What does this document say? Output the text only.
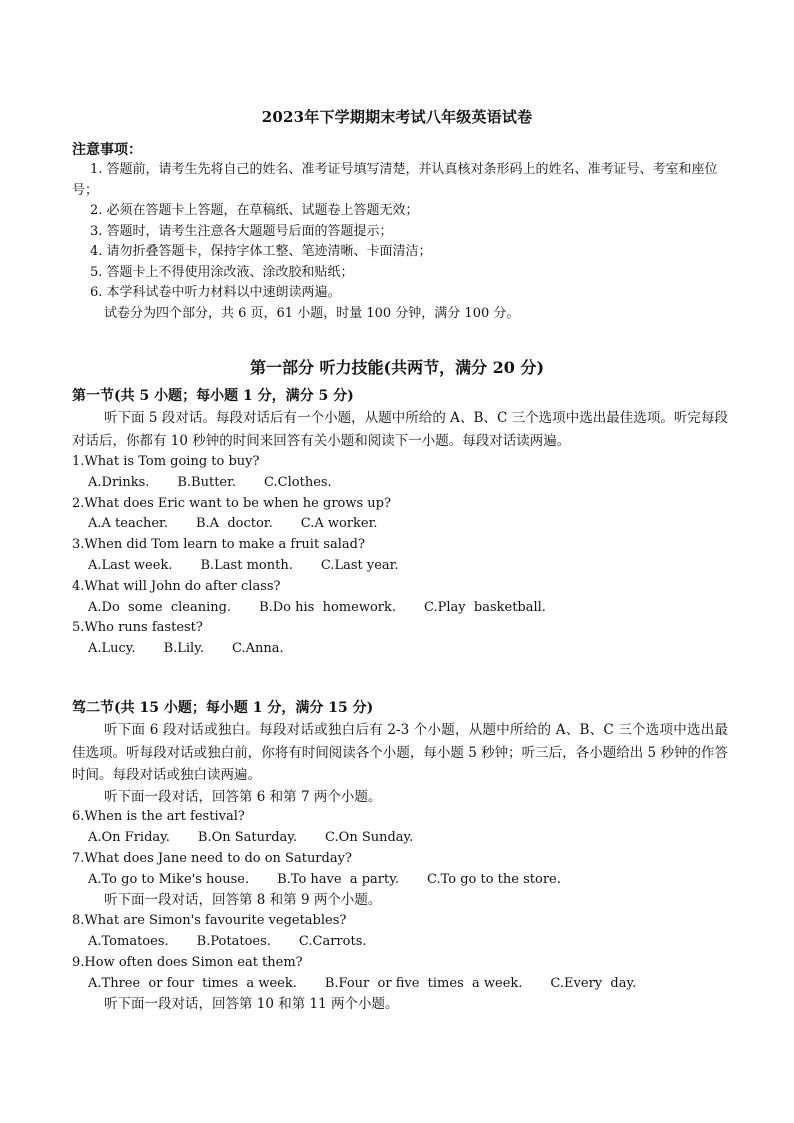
2023年下学期期末考试八年级英语试卷
注意事项：

1. 答题前，请考生先将自己的姓名、准考证号填写清楚，并认真核对条形码上的姓名、准考证号、考室和座位号；

2. 必须在答题卡上答题，在草稿纸、试题卷上答题无效；

3. 答题时，请考生注意各大题题号后面的答题提示；

4. 请勿折叠答题卡，保持字体工整、笔迹清晰、卡面清洁；

5. 答题卡上不得使用涂改液、涂改胶和贴纸；

6. 本学科试卷中听力材料以中速朗读两遍。

试卷分为四个部分，共 6 页，61 小题，时量 100 分钟，满分 100 分。

第一部分 听力技能(共两节，满分 20 分)
第一节(共 5 小题；每小题 1 分，满分 5 分)

听下面 5 段对话。每段对话后有一个小题，从题中所给的 A、B、C 三个选项中选出最佳选项。听完每段对话后，你都有 10 秒钟的时间来回答有关小题和阅读下一小题。每段对话读两遍。

1.What is Tom going to buy?

A.Drinks. B.Butter. C.Clothes.

2.What does Eric want to be when he grows up?

A.A teacher. B.A  doctor. C.A worker.

3.When did Tom learn to make a fruit salad?

A.Last week. B.Last month. C.Last year.

4.What will John do after class?

A.Do  some  cleaning. B.Do his  homework. C.Play  basketball.

5.Who runs fastest?

A.Lucy. B.Lily. C.Anna.

笃二节(共 15 小题；每小题 1 分，满分 15 分)

听下面 6 段对话或独白。每段对话或独白后有 2-3 个小题，从题中所给的 A、B、C 三个选项中选出最佳选项。听每段对话或独白前，你将有时间阅读各个小题，每小题 5 秒钟；听三后，各小题给出 5 秒钟的作答时间。每段对话或独白读两遍。

听下面一段对话，回答第 6 和第 7 两个小题。

6.When is the art festival?

A.On Friday. B.On Saturday. C.On Sunday.

7.What does Jane need to do on Saturday?

A.To go to Mike's house. B.To have  a party. C.To go to the store.

听下面一段对话，回答第 8 和第 9 两个小题。

8.What are Simon's favourite vegetables?

A.Tomatoes. B.Potatoes. C.Carrots.

9.How often does Simon eat them?

A.Three  or four  times  a week. B.Four  or five  times  a week. C.Every  day.

听下面一段对话，回答第 10 和第 11 两个小题。
